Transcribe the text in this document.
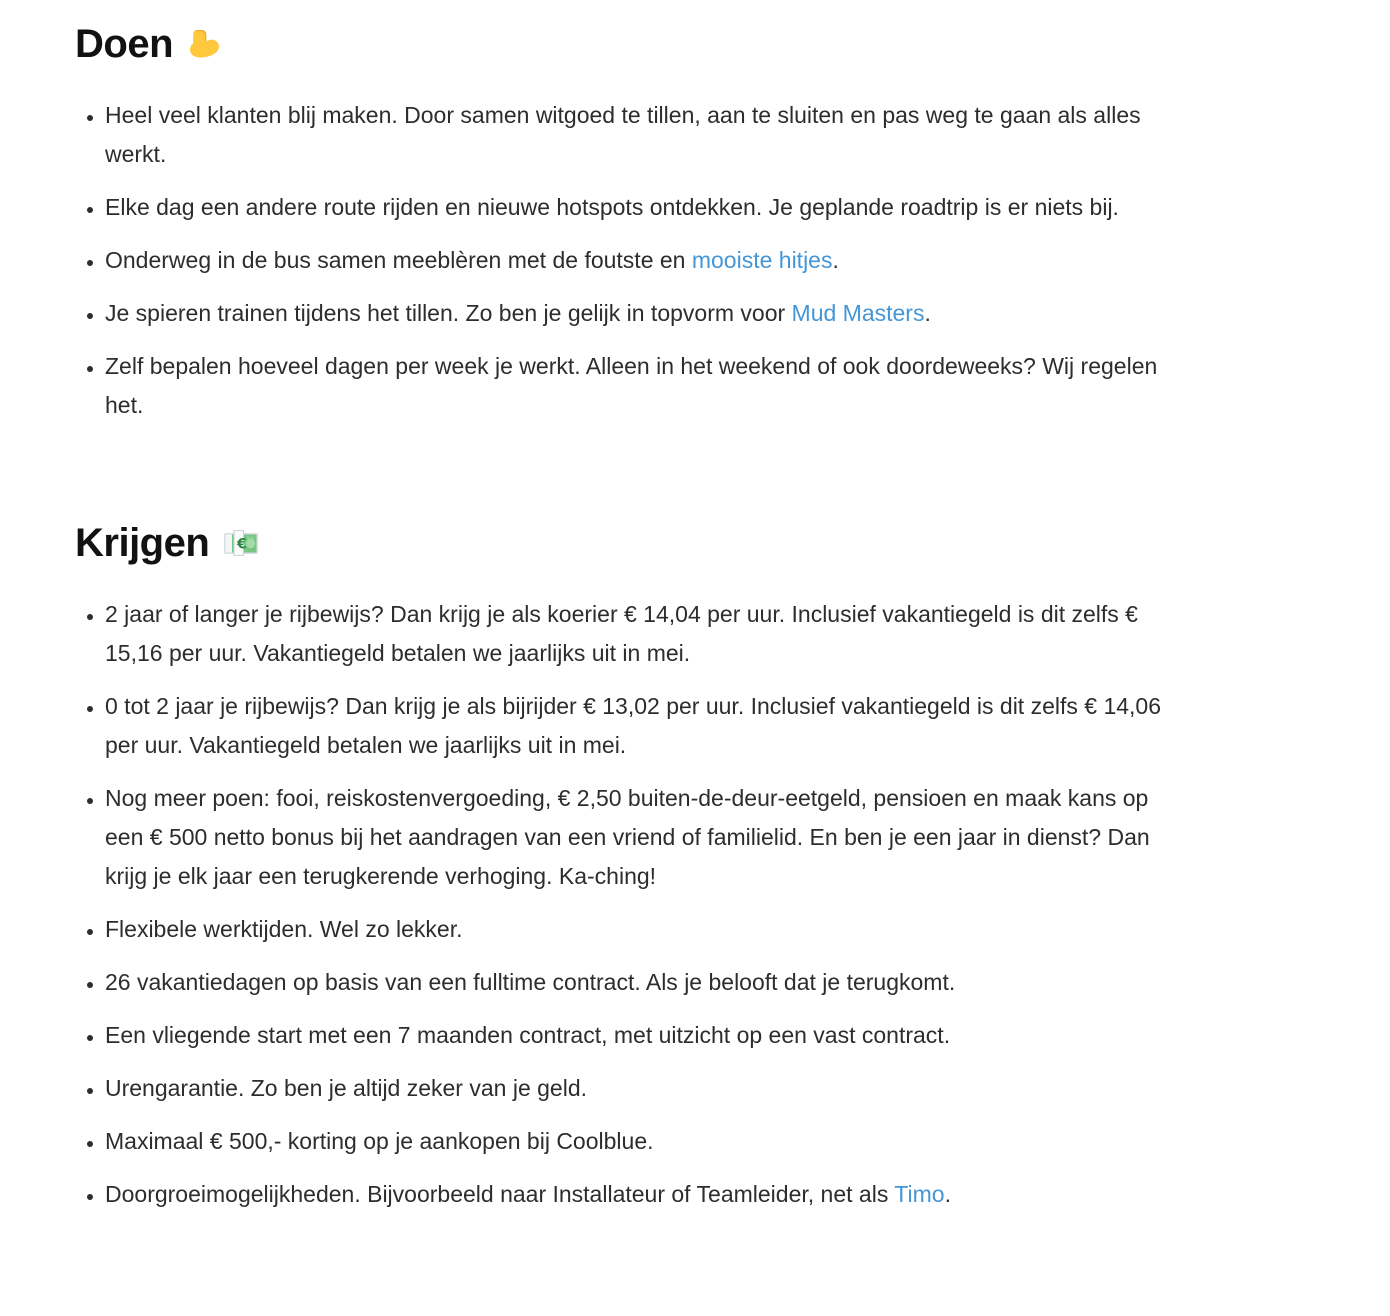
Doen
• Heel veel klanten blij maken. Door samen witgoed te tillen, aan te sluiten en pas weg te gaan als alles werkt.
• Elke dag een andere route rijden en nieuwe hotspots ontdekken. Je geplande roadtrip is er niets bij.
• Onderweg in de bus samen meeblèren met de foutste en mooiste hitjes.
• Je spieren trainen tijdens het tillen. Zo ben je gelijk in topvorm voor Mud Masters.
• Zelf bepalen hoeveel dagen per week je werkt. Alleen in het weekend of ook doordeweeks? Wij regelen het.
Krijgen €
• 2 jaar of langer je rijbewijs? Dan krijg je als koerier € 14,04 per uur. Inclusief vakantiegeld is dit zelfs € 15,16 per uur. Vakantiegeld betalen we jaarlijks uit in mei.
• 0 tot 2 jaar je rijbewijs? Dan krijg je als bijrijder € 13,02 per uur. Inclusief vakantiegeld is dit zelfs € 14,06 per uur. Vakantiegeld betalen we jaarlijks uit in mei.
• Nog meer poen: fooi, reiskostenvergoeding, € 2,50 buiten-de-deur-eetgeld, pensioen en maak kans op een € 500 netto bonus bij het aandragen van een vriend of familielid. En ben je een jaar in dienst? Dan krijg je elk jaar een terugkerende verhoging. Ka-ching!
• Flexibele werktijden. Wel zo lekker.
• 26 vakantiedagen op basis van een fulltime contract. Als je belooft dat je terugkomt.
• Een vliegende start met een 7 maanden contract, met uitzicht op een vast contract.
• Urengarantie. Zo ben je altijd zeker van je geld.
• Maximaal € 500,- korting op je aankopen bij Coolblue.
• Doorgroeimogelijkheden. Bijvoorbeeld naar Installateur of Teamleider, net als Timo.
